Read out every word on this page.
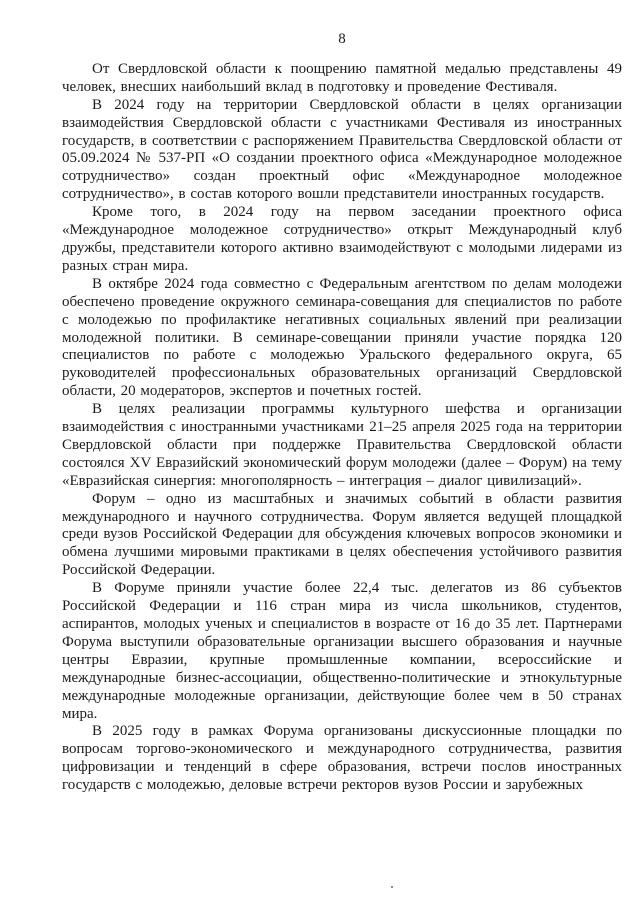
8

От Свердловской области к поощрению памятной медалью представлены 49 человек, внесших наибольший вклад в подготовку и проведение Фестиваля.

В 2024 году на территории Свердловской области в целях организации взаимодействия Свердловской области с участниками Фестиваля из иностранных государств, в соответствии с распоряжением Правительства Свердловской области от 05.09.2024 № 537-РП «О создании проектного офиса «Международное молодежное сотрудничество» создан проектный офис «Международное молодежное сотрудничество», в состав которого вошли представители иностранных государств.

Кроме того, в 2024 году на первом заседании проектного офиса «Международное молодежное сотрудничество» открыт Международный клуб дружбы, представители которого активно взаимодействуют с молодыми лидерами из разных стран мира.

В октябре 2024 года совместно с Федеральным агентством по делам молодежи обеспечено проведение окружного семинара-совещания для специалистов по работе с молодежью по профилактике негативных социальных явлений при реализации молодежной политики. В семинаре-совещании приняли участие порядка 120 специалистов по работе с молодежью Уральского федерального округа, 65 руководителей профессиональных образовательных организаций Свердловской области, 20 модераторов, экспертов и почетных гостей.

В целях реализации программы культурного шефства и организации взаимодействия с иностранными участниками 21–25 апреля 2025 года на территории Свердловской области при поддержке Правительства Свердловской области состоялся XV Евразийский экономический форум молодежи (далее – Форум) на тему «Евразийская синергия: многополярность – интеграция – диалог цивилизаций».

Форум – одно из масштабных и значимых событий в области развития международного и научного сотрудничества. Форум является ведущей площадкой среди вузов Российской Федерации для обсуждения ключевых вопросов экономики и обмена лучшими мировыми практиками в целях обеспечения устойчивого развития Российской Федерации.

В Форуме приняли участие более 22,4 тыс. делегатов из 86 субъектов Российской Федерации и 116 стран мира из числа школьников, студентов, аспирантов, молодых ученых и специалистов в возрасте от 16 до 35 лет. Партнерами Форума выступили образовательные организации высшего образования и научные центры Евразии, крупные промышленные компании, всероссийские и международные бизнес-ассоциации, общественно-политические и этнокультурные международные молодежные организации, действующие более чем в 50 странах мира.

В 2025 году в рамках Форума организованы дискуссионные площадки по вопросам торгово-экономического и международного сотрудничества, развития цифровизации и тенденций в сфере образования, встречи послов иностранных государств с молодежью, деловые встречи ректоров вузов России и зарубежных
